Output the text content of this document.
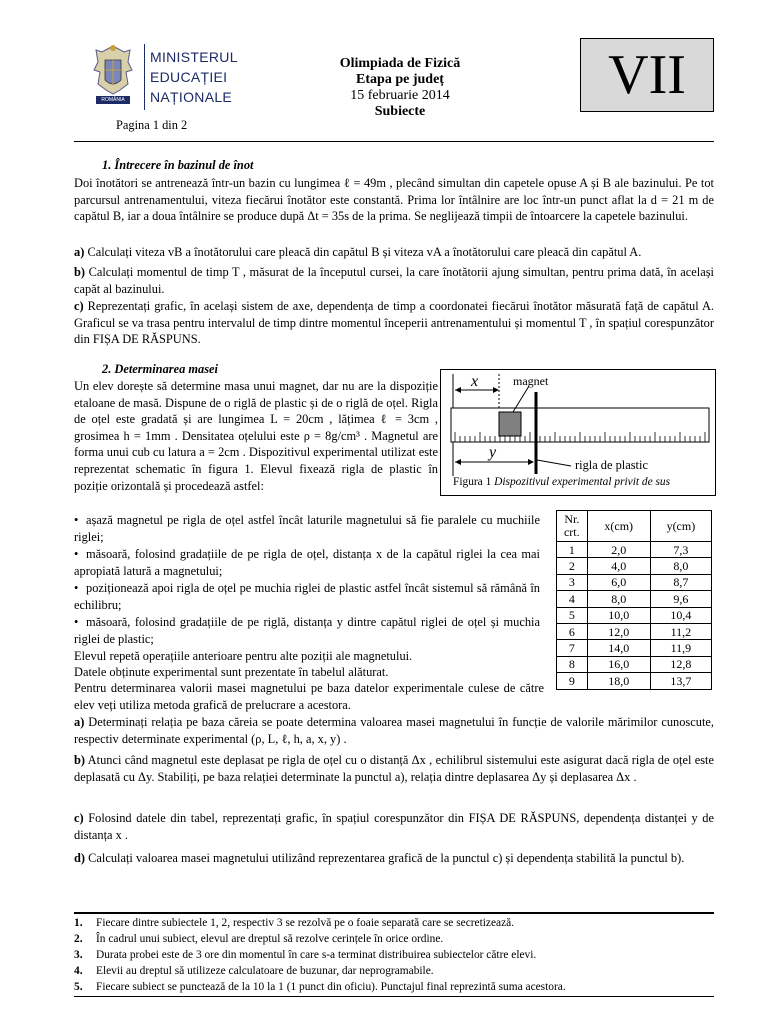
ROMÂNIA
MINISTERUL
EDUCAȚIEI
NAȚIONALE
Pagina 1 din 2
Olimpiada de Fizică
Etapa pe județ
15 februarie 2014
Subiecte
VII
1. Întrecere în bazinul de înot

Doi înotători se antrenează într-un bazin cu lungimea ℓ = 49m , plecând simultan din capetele opuse A și B ale bazinului. Pe tot parcursul antrenamentului, viteza fiecărui înotător este constantă. Prima lor întâlnire are loc într-un punct aflat la d = 21 m de capătul B, iar a doua întâlnire se produce după Δt = 35s de la prima. Se neglijează timpii de întoarcere la capetele bazinului.

a) Calculați viteza vB a înotătorului care pleacă din capătul B și viteza vA a înotătorului care pleacă din capătul A.

b) Calculați momentul de timp T , măsurat de la începutul cursei, la care înotătorii ajung simultan, pentru prima dată, în același capăt al bazinului.

c) Reprezentați grafic, în același sistem de axe, dependența de timp a coordonatei fiecărui înotător măsurată față de capătul A. Graficul se va trasa pentru intervalul de timp dintre momentul începerii antrenamentului și momentul T , în spațiul corespunzător din FIȘA DE RĂSPUNS.

2. Determinarea masei

Un elev dorește să determine masa unui magnet, dar nu are la dispoziție etaloane de masă. Dispune de o riglă de plastic și de o riglă de oțel. Rigla de oțel este gradată și are lungimea L = 20cm , lățimea ℓ = 3cm , grosimea h = 1mm . Densitatea oțelului este ρ = 8g/cm³ . Magnetul are forma unui cub cu latura a = 2cm . Dispozitivul experimental utilizat este reprezentat schematic în figura 1. Elevul fixează rigla de plastic în poziție orizontală și procedează astfel:

x	magnet
y
rigla de plastic
Figura 1 Dispozitivul experimental privit de sus
Nr. crt.	x(cm)	y(cm)
1	2,0	7,3
2	4,0	8,0
3	6,0	8,7
4	8,0	9,6
5	10,0	10,4
6	12,0	11,2
7	14,0	11,9
8	16,0	12,8
9	18,0	13,7

• așază magnetul pe rigla de oțel astfel încât laturile magnetului să fie paralele cu muchiile riglei;

• măsoară, folosind gradațiile de pe rigla de oțel, distanța x de la capătul riglei la cea mai apropiată latură a magnetului;

• poziționează apoi rigla de oțel pe muchia riglei de plastic astfel încât sistemul să rămână în echilibru;

• măsoară, folosind gradațiile de pe riglă, distanța y dintre capătul riglei de oțel și muchia riglei de plastic;

Elevul repetă operațiile anterioare pentru alte poziții ale magnetului.

Datele obținute experimental sunt prezentate în tabelul alăturat.

Pentru determinarea valorii masei magnetului pe baza datelor experimentale culese de către elev veți utiliza metoda grafică de prelucrare a acestora.

a) Determinați relația pe baza căreia se poate determina valoarea masei magnetului în funcție de valorile mărimilor cunoscute, respectiv determinate experimental (ρ, L, ℓ, h, a, x, y) .

b) Atunci când magnetul este deplasat pe rigla de oțel cu o distanță Δx , echilibrul sistemului este asigurat dacă rigla de oțel este deplasată cu Δy. Stabiliți, pe baza relației determinate la punctul a), relația dintre deplasarea Δy și deplasarea Δx .

c) Folosind datele din tabel, reprezentați grafic, în spațiul corespunzător din FIȘA DE RĂSPUNS, dependența distanței y de distanța x .

d) Calculați valoarea masei magnetului utilizând reprezentarea grafică de la punctul c) și dependența stabilită la punctul b).

1. Fiecare dintre subiectele 1, 2, respectiv 3 se rezolvă pe o foaie separată care se secretizează.
2. În cadrul unui subiect, elevul are dreptul să rezolve cerințele în orice ordine.
3. Durata probei este de 3 ore din momentul în care s-a terminat distribuirea subiectelor către elevi.
4. Elevii au dreptul să utilizeze calculatoare de buzunar, dar neprogramabile.
5. Fiecare subiect se punctează de la 10 la 1 (1 punct din oficiu). Punctajul final reprezintă suma acestora.
